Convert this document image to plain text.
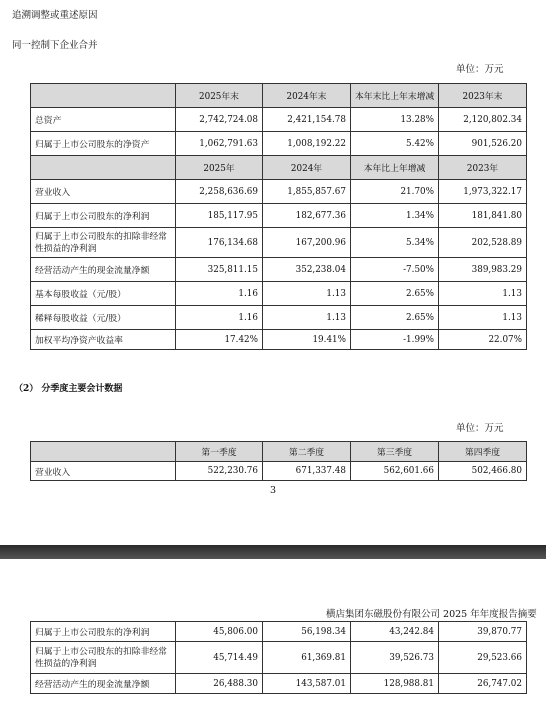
追溯调整或重述原因
同一控制下企业合并
单位：万元
	2025年末	2024年末	本年末比上年末增减	2023年末
总资产	2,742,724.08	2,421,154.78	13.28%	2,120,802.34
归属于上市公司股东的净资产	1,062,791.63	1,008,192.22	5.42%	901,526.20
	2025年	2024年	本年比上年增减	2023年
营业收入	2,258,636.69	1,855,857.67	21.70%	1,973,322.17
归属于上市公司股东的净利润	185,117.95	182,677.36	1.34%	181,841.80
归属于上市公司股东的扣除非经常性损益的净利润	176,134.68	167,200.96	5.34%	202,528.89
经营活动产生的现金流量净额	325,811.15	352,238.04	-7.50%	389,983.29
基本每股收益（元/股）	1.16	1.13	2.65%	1.13
稀释每股收益（元/股）	1.16	1.13	2.65%	1.13
加权平均净资产收益率	17.42%	19.41%	-1.99%	22.07%
（2） 分季度主要会计数据
单位：万元
	第一季度	第二季度	第三季度	第四季度
营业收入	522,230.76	671,337.48	562,601.66	502,466.80
3
横店集团东磁股份有限公司 2025 年年度报告摘要
归属于上市公司股东的净利润	45,806.00	56,198.34	43,242.84	39,870.77
归属于上市公司股东的扣除非经常性损益的净利润	45,714.49	61,369.81	39,526.73	29,523.66
经营活动产生的现金流量净额	26,488.30	143,587.01	128,988.81	26,747.02
